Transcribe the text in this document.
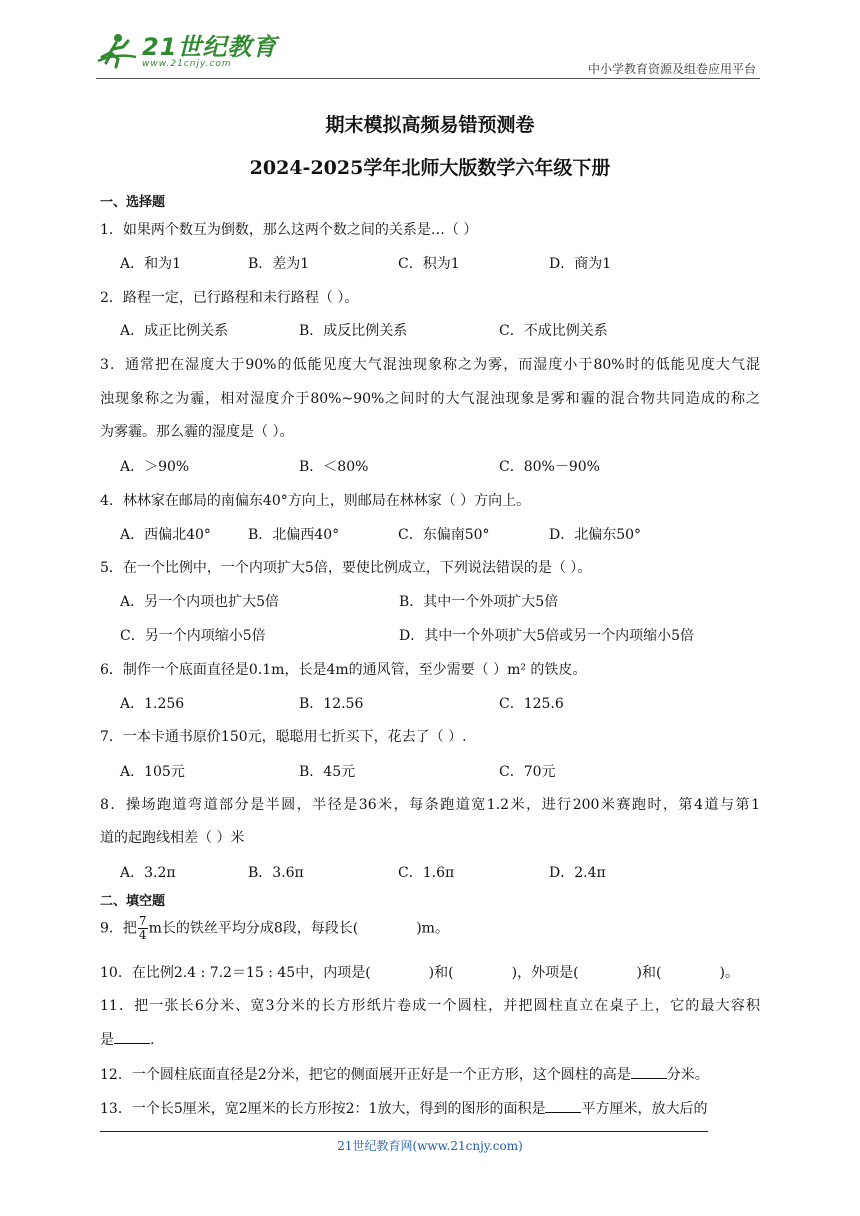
21世纪教育
www.21cnjy.com	中小学教育资源及组卷应用平台
期末模拟高频易错预测卷
2024-2025学年北师大版数学六年级下册
一、选择题
1．如果两个数互为倒数，那么这两个数之间的关系是…（ ）
A．和为1	B．差为1	C．积为1	D．商为1
2．路程一定，已行路程和未行路程（ ）。
A．成正比例关系	B．成反比例关系	C．不成比例关系
3．通常把在湿度大于90%的低能见度大气混浊现象称之为雾，而湿度小于80%时的低能见度大气混
浊现象称之为霾，相对湿度介于80%~90%之间时的大气混浊现象是雾和霾的混合物共同造成的称之
为雾霾。那么霾的湿度是（ ）。
A．＞90%	B．＜80%	C．80%－90%
4．林林家在邮局的南偏东40°方向上，则邮局在林林家（ ）方向上。
A．西偏北40°	B．北偏西40°	C．东偏南50°	D．北偏东50°
5．在一个比例中，一个内项扩大5倍，要使比例成立，下列说法错误的是（ ）。
A．另一个内项也扩大5倍	B．其中一个外项扩大5倍
C．另一个内项缩小5倍	D．其中一个外项扩大5倍或另一个内项缩小5倍
6．制作一个底面直径是0.1m，长是4m的通风管，至少需要（ ）m² 的铁皮。
A．1.256	B．12.56	C．125.6
7．一本卡通书原价150元，聪聪用七折买下，花去了（ ）.
A．105元	B．45元	C．70元
8．操场跑道弯道部分是半圆，半径是36米，每条跑道宽1.2米，进行200米赛跑时，第4道与第1
道的起跑线相差（ ）米
A．3.2π	B．3.6π	C．1.6π	D．2.4π
二、填空题
9．把 $\frac{7}{4}$ m长的铁丝平均分成8段，每段长(	)m。
10．在比例2.4 : 7.2＝15 : 45中，内项是(	)和(	)，外项是(	)和(	)。
11．把一张长6分米、宽3分米的长方形纸片卷成一个圆柱，并把圆柱直立在桌子上，它的最大容积
是	.
12．一个圆柱底面直径是2分米，把它的侧面展开正好是一个正方形，这个圆柱的高是	分米。
13．一个长5厘米，宽2厘米的长方形按2：1放大，得到的图形的面积是	平方厘米，放大后的
21世纪教育网(www.21cnjy.com)
